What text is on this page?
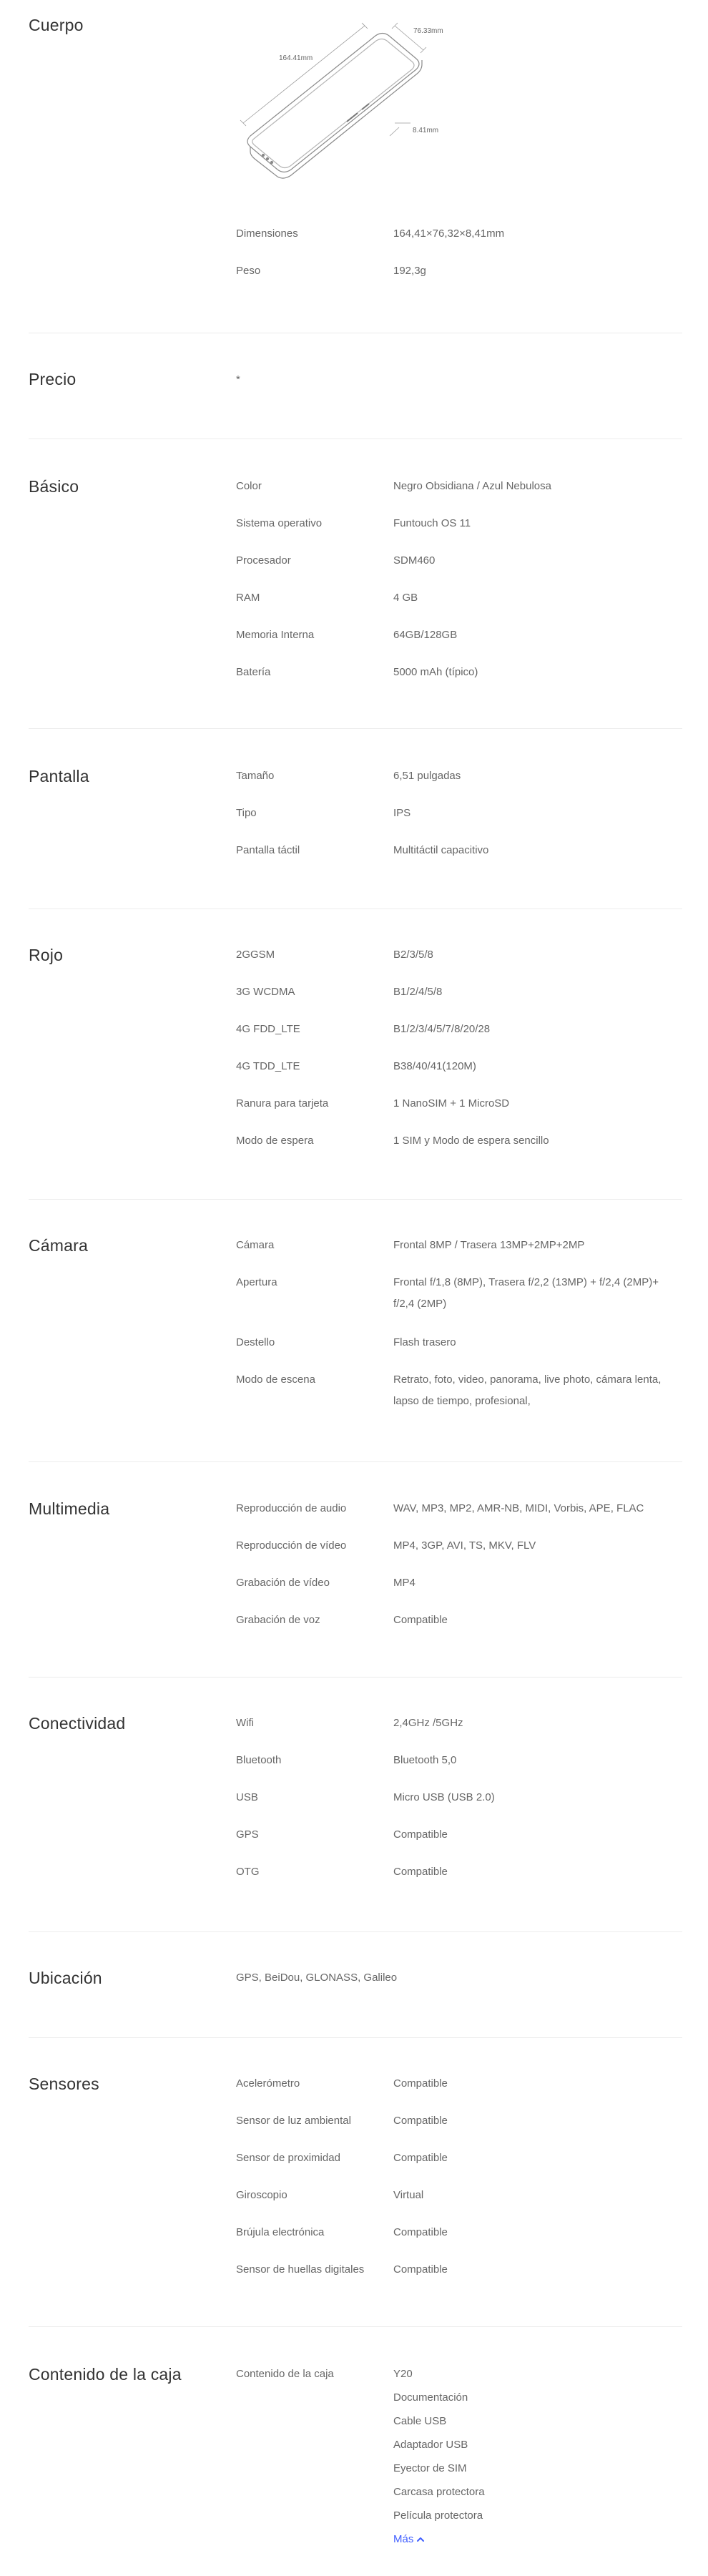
Cuerpo
164.41mm
76.33mm
8.41mm
Dimensiones	164,41×76,32×8,41mm
Peso	192,3g
Precio	*
Básico	Color	Negro Obsidiana / Azul Nebulosa
Sistema operativo	Funtouch OS 11
Procesador	SDM460
RAM	4 GB
Memoria Interna	64GB/128GB
Batería	5000 mAh (típico)
Pantalla	Tamaño	6,51 pulgadas
Tipo	IPS
Pantalla táctil	Multitáctil capacitivo
Rojo	2GGSM	B2/3/5/8
3G WCDMA	B1/2/4/5/8
4G FDD_LTE	B1/2/3/4/5/7/8/20/28
4G TDD_LTE	B38/40/41(120M)
Ranura para tarjeta	1 NanoSIM + 1 MicroSD
Modo de espera	1 SIM y Modo de espera sencillo
Cámara	Cámara	Frontal 8MP / Trasera 13MP+2MP+2MP
Apertura	Frontal f/1,8 (8MP), Trasera f/2,2 (13MP) + f/2,4 (2MP)+ f/2,4 (2MP)
Destello	Flash trasero
Modo de escena	Retrato, foto, video, panorama, live photo, cámara lenta, lapso de tiempo, profesional,
Multimedia	Reproducción de audio	WAV, MP3, MP2, AMR-NB, MIDI, Vorbis, APE, FLAC
Reproducción de vídeo	MP4, 3GP, AVI, TS, MKV, FLV
Grabación de vídeo	MP4
Grabación de voz	Compatible
Conectividad	Wifi	2,4GHz /5GHz
Bluetooth	Bluetooth 5,0
USB	Micro USB (USB 2.0)
GPS	Compatible
OTG	Compatible
Ubicación	GPS, BeiDou, GLONASS, Galileo
Sensores	Acelerómetro	Compatible
Sensor de luz ambiental	Compatible
Sensor de proximidad	Compatible
Giroscopio	Virtual
Brújula electrónica	Compatible
Sensor de huellas digitales	Compatible
Contenido de la caja	Contenido de la caja	Y20
Documentación
Cable USB
Adaptador USB
Eyector de SIM
Carcasa protectora
Película protectora
Más
